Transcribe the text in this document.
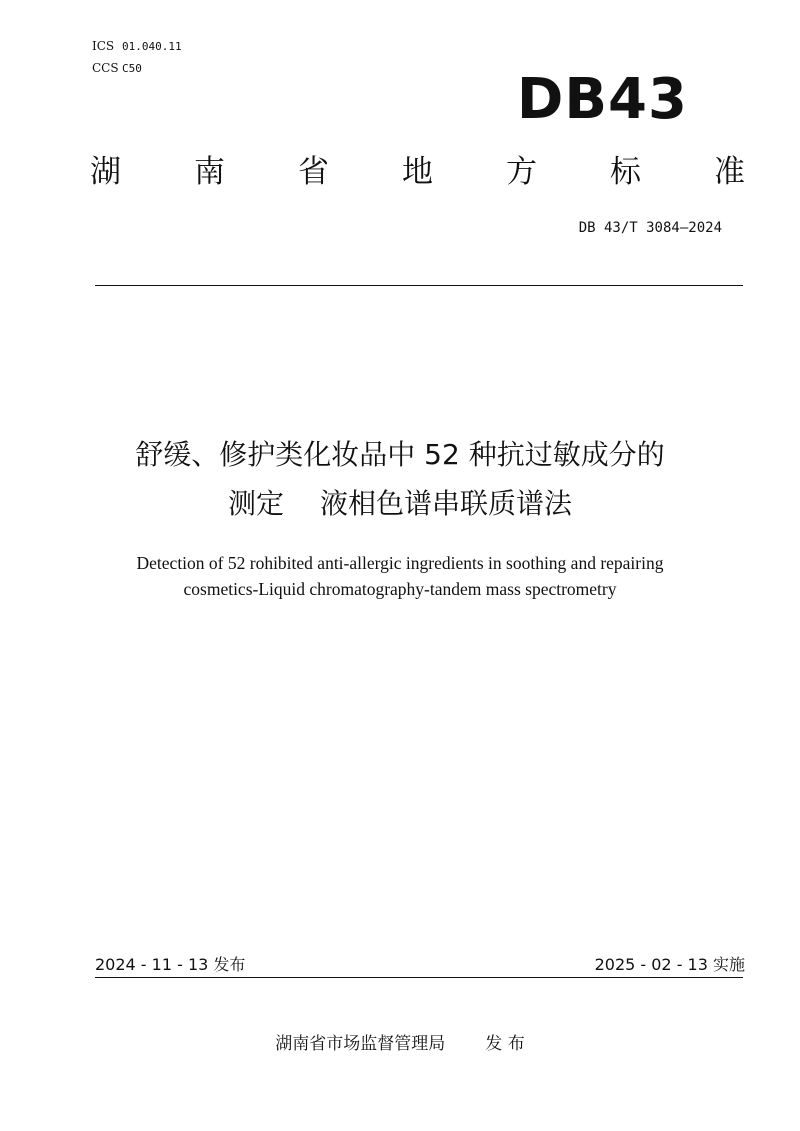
ICS 01.040.11
CCS C50	DB43
湖 南 省 地 方 标 准
DB 43/T 3084—2024
舒缓、修护类化妆品中 52 种抗过敏成分的
测定 液相色谱串联质谱法
Detection of 52 rohibited anti-allergic ingredients in soothing and repairing
cosmetics-Liquid chromatography-tandem mass spectrometry
2024 - 11 - 13 发布	2025 - 02 - 13 实施
湖南省市场监督管理局 发 布
